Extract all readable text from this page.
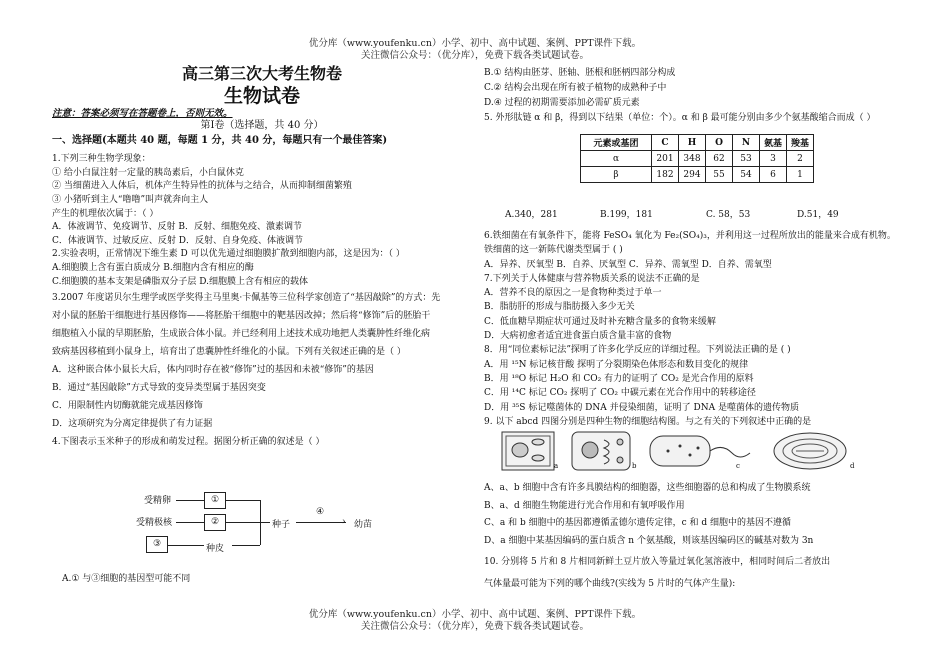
优分库（www.youfenku.cn）小学、初中、高中试题、案例、PPT课件下载。
关注微信公众号：（优分库），免费下载各类试题试卷。
高三第三次大考生物卷
生物试卷
注意：答案必须写在答题卷上，否则无效。
第Ⅰ卷（选择题，共 40 分）
一、选择题(本题共 40 题，每题 1 分，共 40 分，每题只有一个最佳答案)
1.下列三种生物学现象：
① 给小白鼠注射一定量的胰岛素后，小白鼠休克
② 当细菌进入人体后，机体产生特异性的抗体与之结合，从而抑制细菌繁殖
③ 小猪听到主人“噜噜”叫声就奔向主人
产生的机理依次属于：（ ）
A．体液调节、免疫调节、反射 B．反射、细胞免疫、激素调节
C．体液调节、过敏反应、反射 D．反射、自身免疫、体液调节
2.实验表明，正常情况下维生素 D 可以优先通过细胞膜扩散到细胞内部，这是因为：（ ）
A.细胞膜上含有蛋白质成分 B.细胞内含有相应的酶
C.细胞膜的基本支架是磷脂双分子层 D.细胞膜上含有相应的载体
3.2007 年度诺贝尔生理学或医学奖得主马里奥·卡佩基等三位科学家创造了“基因敲除”的方式：先
对小鼠的胚胎干细胞进行基因修饰——将胚胎干细胞中的靶基因改掉；然后将“修饰”后的胚胎干
细胞植入小鼠的早期胚胎，生成嵌合体小鼠。并已经利用上述技术成功地把人类囊肿性纤维化病
致病基因移植到小鼠身上，培育出了患囊肿性纤维化的小鼠。下列有关叙述正确的是（ ）
A．这种嵌合体小鼠长大后，体内同时存在被“修饰”过的基因和未被“修饰”的基因
B．通过“基因敲除”方式导致的变异类型属于基因突变
C．用限制性内切酶就能完成基因修饰
D．这项研究为分离定律提供了有力证据
4.下图表示玉米种子的形成和萌发过程。据图分析正确的叙述是（ ）
受精卵
受精极核
①
②
③	种皮
种子
④
› 幼苗
A.① 与③细胞的基因型可能不同
B.① 结构由胚芽、胚轴、胚根和胚柄四部分构成
C.② 结构会出现在所有被子植物的成熟种子中
D.④ 过程的初期需要添加必需矿质元素
5. 外形肽链 α 和 β，得到以下结果（单位：个）。α 和 β 最可能分别由多少个氨基酸缩合而成（ ）
元素或基团	C	H	O	N	氨基	羧基
α	201	348	62	53	3	2
β	182	294	55	54	6	1
A.340，281	B.199，181	C. 58，53	D.51，49
6.铁细菌在有氧条件下，能将 FeSO₄ 氧化为 Fe₂(SO₄)₃，并利用这一过程所放出的能量来合成有机物。
铁细菌的这一新陈代谢类型属于 ( )
A．异养、厌氧型 B．自养、厌氧型 C．异养、需氧型 D．自养、需氧型
7.下列关于人体健康与营养物质关系的说法不正确的是
A．营养不良的原因之一是食物种类过于单一
B．脂肪肝的形成与脂肪摄入多少无关
C．低血糖早期症状可通过及时补充糖含量多的食物来缓解
D．大病初愈者适宜进食蛋白质含量丰富的食物
8．用“同位素标记法”探明了许多化学反应的详细过程。下列说法正确的是 ( )
A．用 ¹⁵N 标记核苷酸 探明了分裂期染色体形态和数目变化的规律
B．用 ¹⁸O 标记 H₂O 和 CO₂ 有力的证明了 CO₂ 是光合作用的原料
C．用 ¹⁴C 标记 CO₂ 探明了 CO₂ 中碳元素在光合作用中的转移途径
D．用 ³⁵S 标记噬菌体的 DNA 并侵染细菌，证明了 DNA 是噬菌体的遗传物质
9. 以下 abcd 四图分别是四种生物的细胞结构图。与之有关的下列叙述中正确的是
a	b	c	d
A、a、b 细胞中含有许多具膜结构的细胞器，这些细胞器的总和构成了生物膜系统
B、a、d 细胞生物能进行光合作用和有氧呼吸作用
C、a 和 b 细胞中的基因都遵循孟德尔遗传定律，c 和 d 细胞中的基因不遵循
D、a 细胞中某基因编码的蛋白质含 n 个氨基酸，则该基因编码区的碱基对数为 3n
10. 分别将 5 片和 8 片相同新鲜土豆片放入等量过氧化氢溶液中，相同时间后二者放出
气体量最可能为下列的哪个曲线?(实线为 5 片时的气体产生量):
优分库（www.youfenku.cn）小学、初中、高中试题、案例、PPT课件下载。
关注微信公众号：（优分库），免费下载各类试题试卷。
